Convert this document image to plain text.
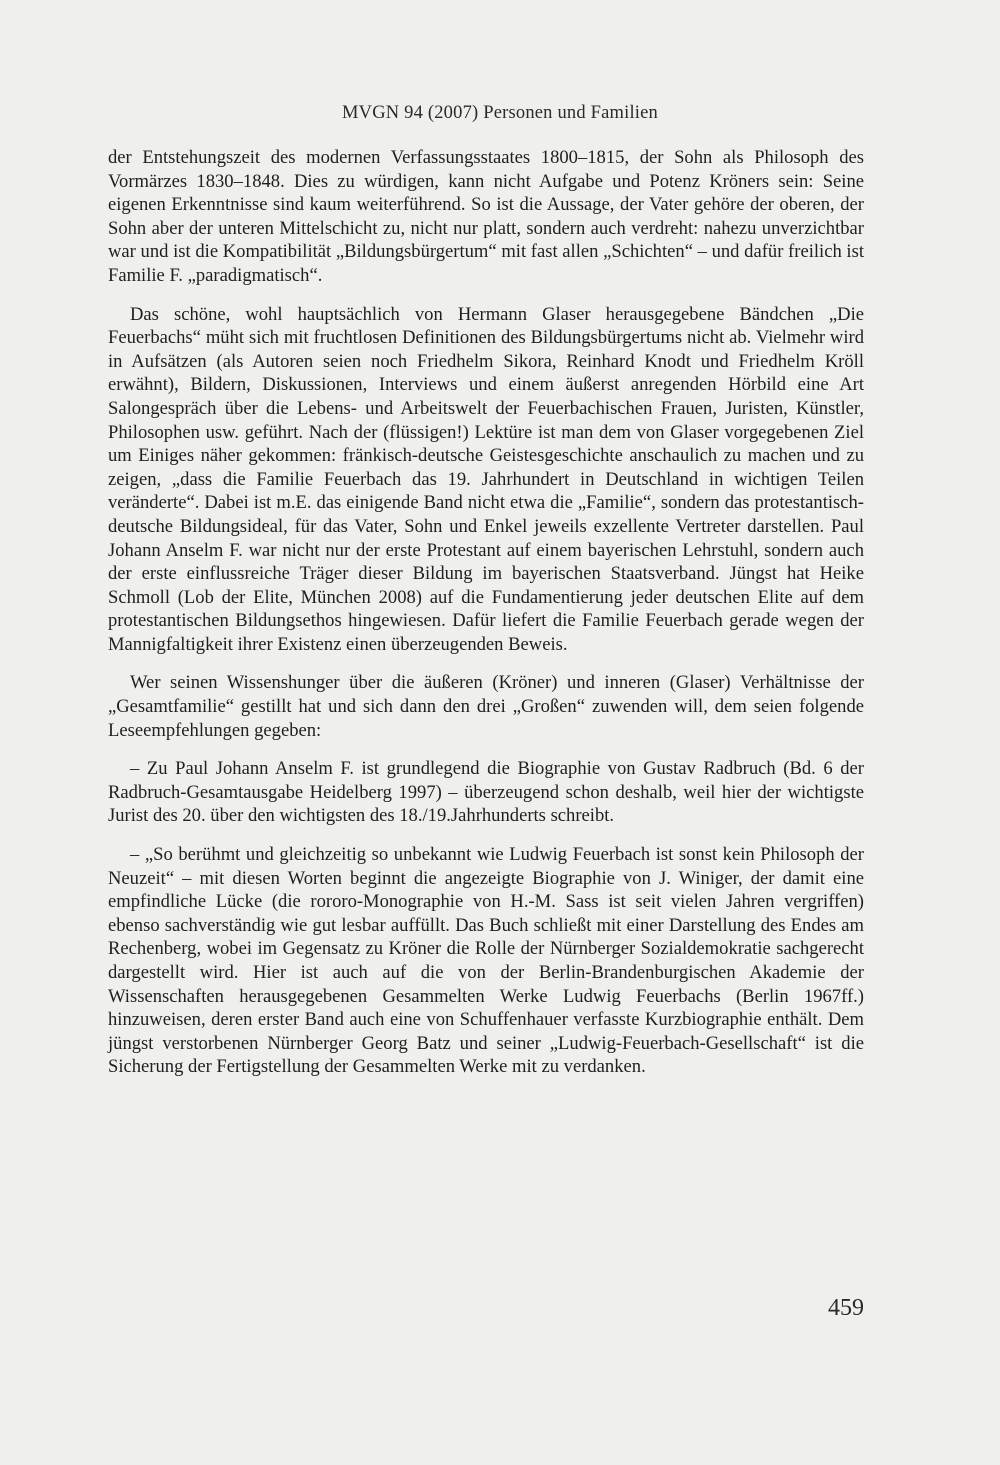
MVGN 94 (2007) Personen und Familien

der Entstehungszeit des modernen Verfassungsstaates 1800–1815, der Sohn als Philosoph des Vormärzes 1830–1848. Dies zu würdigen, kann nicht Aufgabe und Potenz Kröners sein: Seine eigenen Erkenntnisse sind kaum weiterführend. So ist die Aussage, der Vater gehöre der oberen, der Sohn aber der unteren Mittelschicht zu, nicht nur platt, sondern auch verdreht: nahezu unverzichtbar war und ist die Kompatibilität „Bildungsbürgertum“ mit fast allen „Schichten“ – und dafür freilich ist Familie F. „paradigmatisch“.

Das schöne, wohl hauptsächlich von Hermann Glaser herausgegebene Bändchen „Die Feuerbachs“ müht sich mit fruchtlosen Definitionen des Bildungsbürgertums nicht ab. Vielmehr wird in Aufsätzen (als Autoren seien noch Friedhelm Sikora, Reinhard Knodt und Friedhelm Kröll erwähnt), Bildern, Diskussionen, Interviews und einem äußerst anregenden Hörbild eine Art Salongespräch über die Lebens- und Arbeitswelt der Feuerbachischen Frauen, Juristen, Künstler, Philosophen usw. geführt. Nach der (flüssigen!) Lektüre ist man dem von Glaser vorgegebenen Ziel um Einiges näher gekommen: fränkisch-deutsche Geistesgeschichte anschaulich zu machen und zu zeigen, „dass die Familie Feuerbach das 19. Jahrhundert in Deutschland in wichtigen Teilen veränderte“. Dabei ist m.E. das einigende Band nicht etwa die „Familie“, sondern das protestantisch-deutsche Bildungsideal, für das Vater, Sohn und Enkel jeweils exzellente Vertreter darstellen. Paul Johann Anselm F. war nicht nur der erste Protestant auf einem bayerischen Lehrstuhl, sondern auch der erste einflussreiche Träger dieser Bildung im bayerischen Staatsverband. Jüngst hat Heike Schmoll (Lob der Elite, München 2008) auf die Fundamentierung jeder deutschen Elite auf dem protestantischen Bildungsethos hingewiesen. Dafür liefert die Familie Feuerbach gerade wegen der Mannigfaltigkeit ihrer Existenz einen überzeugenden Beweis.

Wer seinen Wissenshunger über die äußeren (Kröner) und inneren (Glaser) Verhältnisse der „Gesamtfamilie“ gestillt hat und sich dann den drei „Großen“ zuwenden will, dem seien folgende Leseempfehlungen gegeben:

– Zu Paul Johann Anselm F. ist grundlegend die Biographie von Gustav Radbruch (Bd. 6 der Radbruch-Gesamtausgabe Heidelberg 1997) – überzeugend schon deshalb, weil hier der wichtigste Jurist des 20. über den wichtigsten des 18./19.Jahrhunderts schreibt.

– „So berühmt und gleichzeitig so unbekannt wie Ludwig Feuerbach ist sonst kein Philosoph der Neuzeit“ – mit diesen Worten beginnt die angezeigte Biographie von J. Winiger, der damit eine empfindliche Lücke (die rororo-Monographie von H.-M. Sass ist seit vielen Jahren vergriffen) ebenso sachverständig wie gut lesbar auffüllt. Das Buch schließt mit einer Darstellung des Endes am Rechenberg, wobei im Gegensatz zu Kröner die Rolle der Nürnberger Sozialdemokratie sachgerecht dargestellt wird. Hier ist auch auf die von der Berlin-Brandenburgischen Akademie der Wissenschaften herausgegebenen Gesammelten Werke Ludwig Feuerbachs (Berlin 1967ff.) hinzuweisen, deren erster Band auch eine von Schuffenhauer verfasste Kurzbiographie enthält. Dem jüngst verstorbenen Nürnberger Georg Batz und seiner „Ludwig-Feuerbach-Gesellschaft“ ist die Sicherung der Fertigstellung der Gesammelten Werke mit zu verdanken.

459
